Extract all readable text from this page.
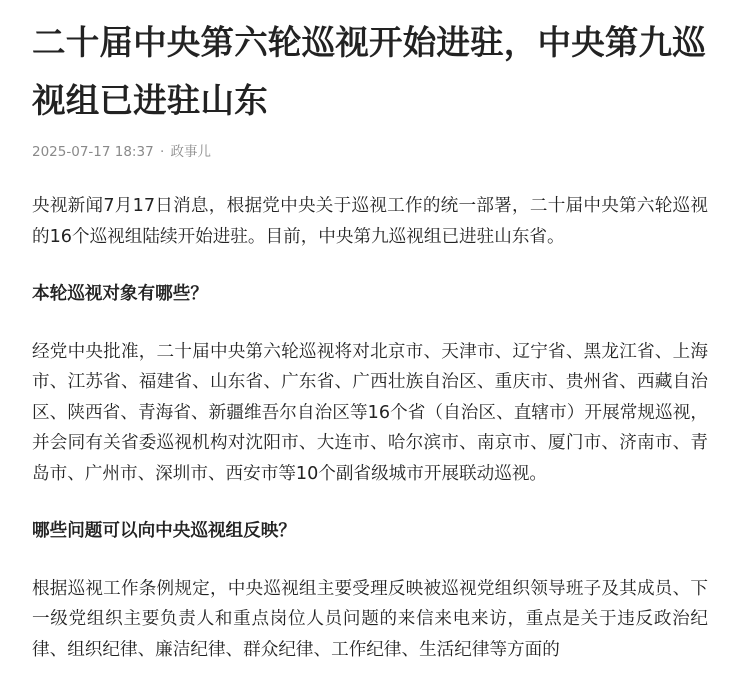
二十届中央第六轮巡视开始进驻，中央第九巡视组已进驻山东
2025-07-17 18:37 · 政事儿

央视新闻7月17日消息，根据党中央关于巡视工作的统一部署，二十届中央第六轮巡视的16个巡视组陆续开始进驻。目前，中央第九巡视组已进驻山东省。

本轮巡视对象有哪些？

经党中央批准，二十届中央第六轮巡视将对北京市、天津市、辽宁省、黑龙江省、上海市、江苏省、福建省、山东省、广东省、广西壮族自治区、重庆市、贵州省、西藏自治区、陕西省、青海省、新疆维吾尔自治区等16个省（自治区、直辖市）开展常规巡视，并会同有关省委巡视机构对沈阳市、大连市、哈尔滨市、南京市、厦门市、济南市、青岛市、广州市、深圳市、西安市等10个副省级城市开展联动巡视。

哪些问题可以向中央巡视组反映？

根据巡视工作条例规定，中央巡视组主要受理反映被巡视党组织领导班子及其成员、下一级党组织主要负责人和重点岗位人员问题的来信来电来访，重点是关于违反政治纪律、组织纪律、廉洁纪律、群众纪律、工作纪律、生活纪律等方面的
